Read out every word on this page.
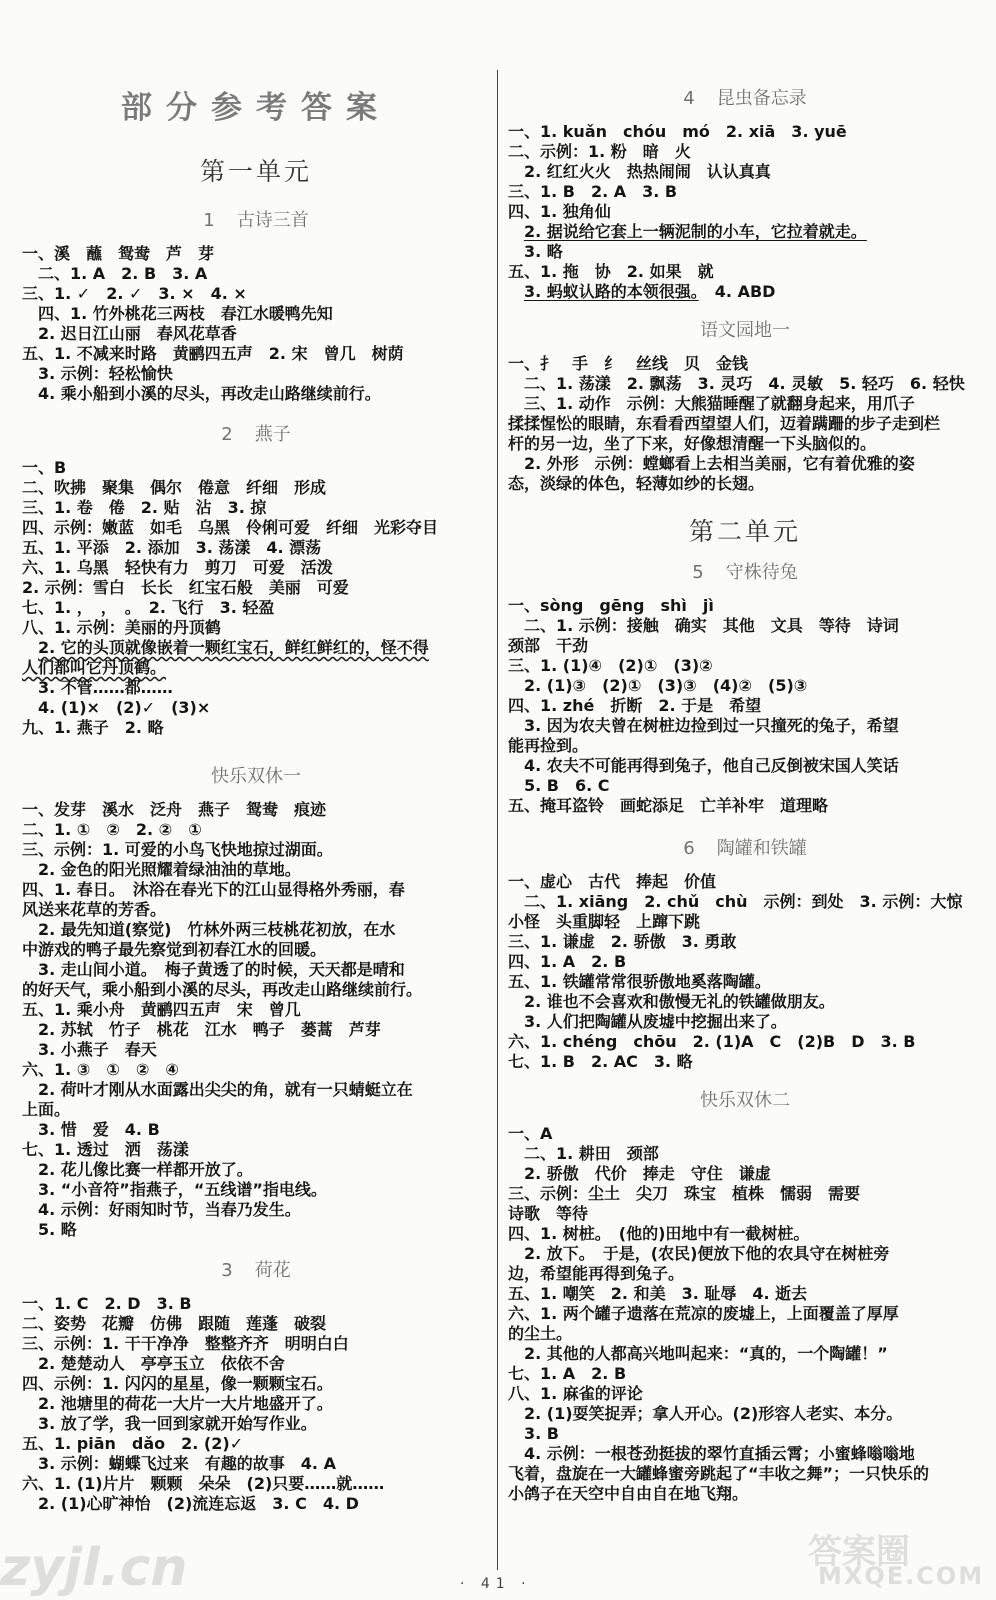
部分参考答案
第一单元
1 古诗三首
一、溪　蘸　鸳鸯　芦　芽
二、1. A　2. B　3. A
三、1. ✓　2. ✓　3. ×　4. ×
四、1. 竹外桃花三两枝　春江水暖鸭先知
2. 迟日江山丽　春风花草香
五、1. 不减来时路　黄鹂四五声　2. 宋　曾几　树荫
3. 示例：轻松愉快
4. 乘小船到小溪的尽头，再改走山路继续前行。
2 燕子
一、B
二、吹拂　聚集　偶尔　倦意　纤细　形成
三、1. 卷　倦　2. 贴　沾　3. 掠
四、示例：嫩蓝　如毛　乌黑　伶俐可爱　纤细　光彩夺目
五、1. 平添　2. 添加　3. 荡漾　4. 漂荡
六、1. 乌黑　轻快有力　剪刀　可爱　活泼
2. 示例：雪白　长长　红宝石般　美丽　可爱
七、1. ，　，　。　2. 飞行　3. 轻盈
八、1. 示例：美丽的丹顶鹤
2. 它的头顶就像嵌着一颗红宝石，鲜红鲜红的，怪不得
人们都叫它丹顶鹤。
3. 不管……都……
4. (1)×　(2)✓　(3)×
九、1. 燕子　2. 略
快乐双休一
一、发芽　溪水　泛舟　燕子　鸳鸯　痕迹
二、1. ①　②　2. ②　①
三、示例：1. 可爱的小鸟飞快地掠过湖面。
2. 金色的阳光照耀着绿油油的草地。
四、1. 春日。　沐浴在春光下的江山显得格外秀丽，春
风送来花草的芳香。
2. 最先知道(察觉)　竹林外两三枝桃花初放，在水
中游戏的鸭子最先察觉到初春江水的回暖。
3. 走山间小道。　梅子黄透了的时候，天天都是晴和
的好天气，乘小船到小溪的尽头，再改走山路继续前行。
五、1. 乘小舟　黄鹂四五声　宋　曾几
2. 苏轼　竹子　桃花　江水　鸭子　蒌蒿　芦芽
3. 小燕子　春天
六、1. ③　①　②　④
2. 荷叶才刚从水面露出尖尖的角，就有一只蜻蜓立在
上面。
3. 惜　爱　4. B
七、1. 透过　洒　荡漾
2. 花儿像比赛一样都开放了。
3. “小音符”指燕子，“五线谱”指电线。
4. 示例：好雨知时节，当春乃发生。
5. 略
3 荷花
一、1. C　2. D　3. B
二、姿势　花瓣　仿佛　跟随　莲蓬　破裂
三、示例：1. 干干净净　整整齐齐　明明白白
2. 楚楚动人　亭亭玉立　依依不舍
四、示例：1. 闪闪的星星，像一颗颗宝石。
2. 池塘里的荷花一大片一大片地盛开了。
3. 放了学，我一回到家就开始写作业。
五、1. piān　dǎo　2. (2)✓
3. 示例：蝴蝶飞过来　有趣的故事　4. A
六、1. (1)片片　颗颗　朵朵　(2)只要……就……
2. (1)心旷神怡　(2)流连忘返　3. C　4. D
4 昆虫备忘录
一、1. kuǎn　chóu　mó　2. xiā　3. yuē
二、示例：1. 粉　暗　火
2. 红红火火　热热闹闹　认认真真
三、1. B　2. A　3. B
四、1. 独角仙
2. 据说给它套上一辆泥制的小车，它拉着就走。
3. 略
五、1. 拖　协　2. 如果　就
3. 蚂蚁认路的本领很强。　4. ABD
语文园地一
一、扌　手　纟　丝线　贝　金钱
二、1. 荡漾　2. 飘荡　3. 灵巧　4. 灵敏　5. 轻巧　6. 轻快
三、1. 动作　示例：大熊猫睡醒了就翻身起来，用爪子
揉揉惺忪的眼睛，东看看西望望人们，迈着蹒跚的步子走到栏
杆的另一边，坐了下来，好像想清醒一下头脑似的。
2. 外形　示例：螳螂看上去相当美丽，它有着优雅的姿
态，淡绿的体色，轻薄如纱的长翅。
第二单元
5 守株待兔
一、sòng　gēng　shì　jì
二、1. 示例：接触　确实　其他　文具　等待　诗词
颈部　干劲
三、1. (1)④　(2)①　(3)②
2. (1)③　(2)①　(3)③　(4)②　(5)③
四、1. zhé　折断　2. 于是　希望
3. 因为农夫曾在树桩边捡到过一只撞死的兔子，希望
能再捡到。
4. 农夫不可能再得到兔子，他自己反倒被宋国人笑话
5. B　6. C
五、掩耳盗铃　画蛇添足　亡羊补牢　道理略
6 陶罐和铁罐
一、虚心　古代　捧起　价值
二、1. xiāng　2. chǔ　chù　示例：到处　3. 示例：大惊
小怪　头重脚轻　上蹿下跳
三、1. 谦虚　2. 骄傲　3. 勇敢
四、1. A　2. B
五、1. 铁罐常常很骄傲地奚落陶罐。
2. 谁也不会喜欢和傲慢无礼的铁罐做朋友。
3. 人们把陶罐从废墟中挖掘出来了。
六、1. chéng　chōu　2. (1)A　C　(2)B　D　3. B
七、1. B　2. AC　3. 略
快乐双休二
一、A
二、1. 耕田　颈部
2. 骄傲　代价　捧走　守住　谦虚
三、示例：尘土　尖刀　珠宝　植株　懦弱　需要
诗歌　等待
四、1. 树桩。　(他的)田地中有一截树桩。
2. 放下。　于是，(农民)便放下他的农具守在树桩旁
边，希望能再得到兔子。
五、1. 嘲笑　2. 和美　3. 耻辱　4. 逝去
六、1. 两个罐子遗落在荒凉的废墟上，上面覆盖了厚厚
的尘土。
2. 其他的人都高兴地叫起来：“真的，一个陶罐！”
七、1. A　2. B
八、1. 麻雀的评论
2. (1)耍笑捉弄；拿人开心。(2)形容人老实、本分。
3. B
4. 示例：一根苍劲挺拔的翠竹直插云霄；小蜜蜂嗡嗡地
飞着，盘旋在一大罐蜂蜜旁跳起了“丰收之舞”；一只快乐的
小鸽子在天空中自由自在地飞翔。
· 41 ·
zyjl.cn	答案圈
MXQE.COM
